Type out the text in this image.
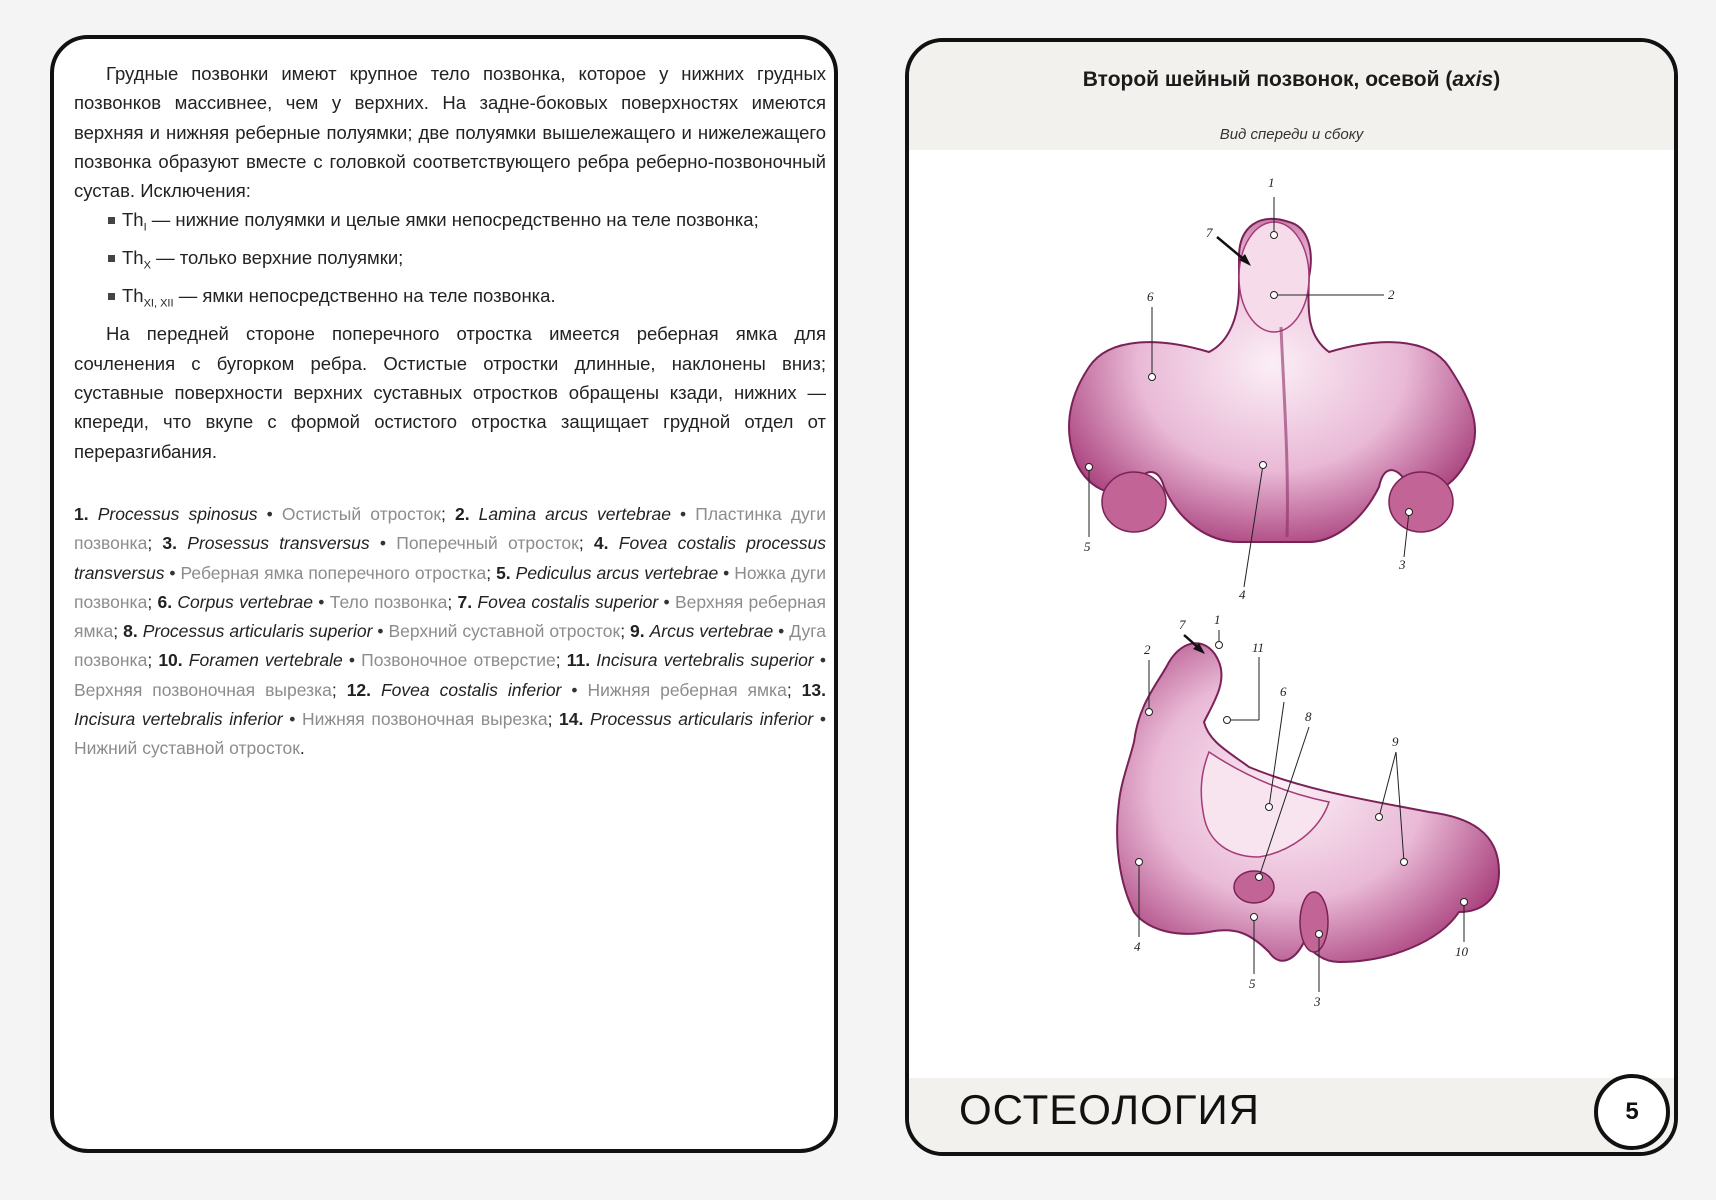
Грудные позвонки имеют крупное тело позвонка, которое у нижних грудных позвонков массивнее, чем у верхних. На задне-боковых поверхностях имеются верхняя и нижняя реберные полуямки; две полуямки вышележащего и нижележащего позвонка образуют вместе с головкой соответствующего ребра реберно-позвоночный сустав. Исключения:

$Th_I$ — нижние полуямки и целые ямки непосредственно на теле позвонка;
$Th_X$ — только верхние полуямки;
$Th_{XI, XII}$ — ямки непосредственно на теле позвонка.

На передней стороне поперечного отростка имеется реберная ямка для сочленения с бугорком ребра. Остистые отростки длинные, наклонены вниз; суставные поверхности верхних суставных отростков обращены кзади, нижних — кпереди, что вкупе с формой остистого отростка защищает грудной отдел от переразгибания.

1. Processus spinosus • Остистый отросток; 2. Lamina arcus vertebrae • Пластинка дуги позвонка; 3. Prosessus transversus • Поперечный отросток; 4. Fovea costalis processus transversus • Реберная ямка поперечного отростка; 5. Pediculus arcus vertebrae • Ножка дуги позвонка; 6. Corpus vertebrae • Тело позвонка; 7. Fovea costalis superior • Верхняя реберная ямка; 8. Processus articularis superior • Верхний суставной отросток; 9. Arcus vertebrae • Дуга позвонка; 10. Foramen vertebrale • Позвоночное отверстие; 11. Incisura vertebralis superior • Верхняя позвоночная вырезка; 12. Fovea costalis inferior • Нижняя реберная ямка; 13. Incisura vertebralis inferior • Нижняя позвоночная вырезка; 14. Processus articularis inferior • Нижний суставной отросток.
Второй шейный позвонок, осевой ( axis )
Вид спереди и сбоку
1
2
3
4
5
6
7
1
2
3
4
5
6
7
8
9
10
11
ОСТЕОЛОГИЯ	5
